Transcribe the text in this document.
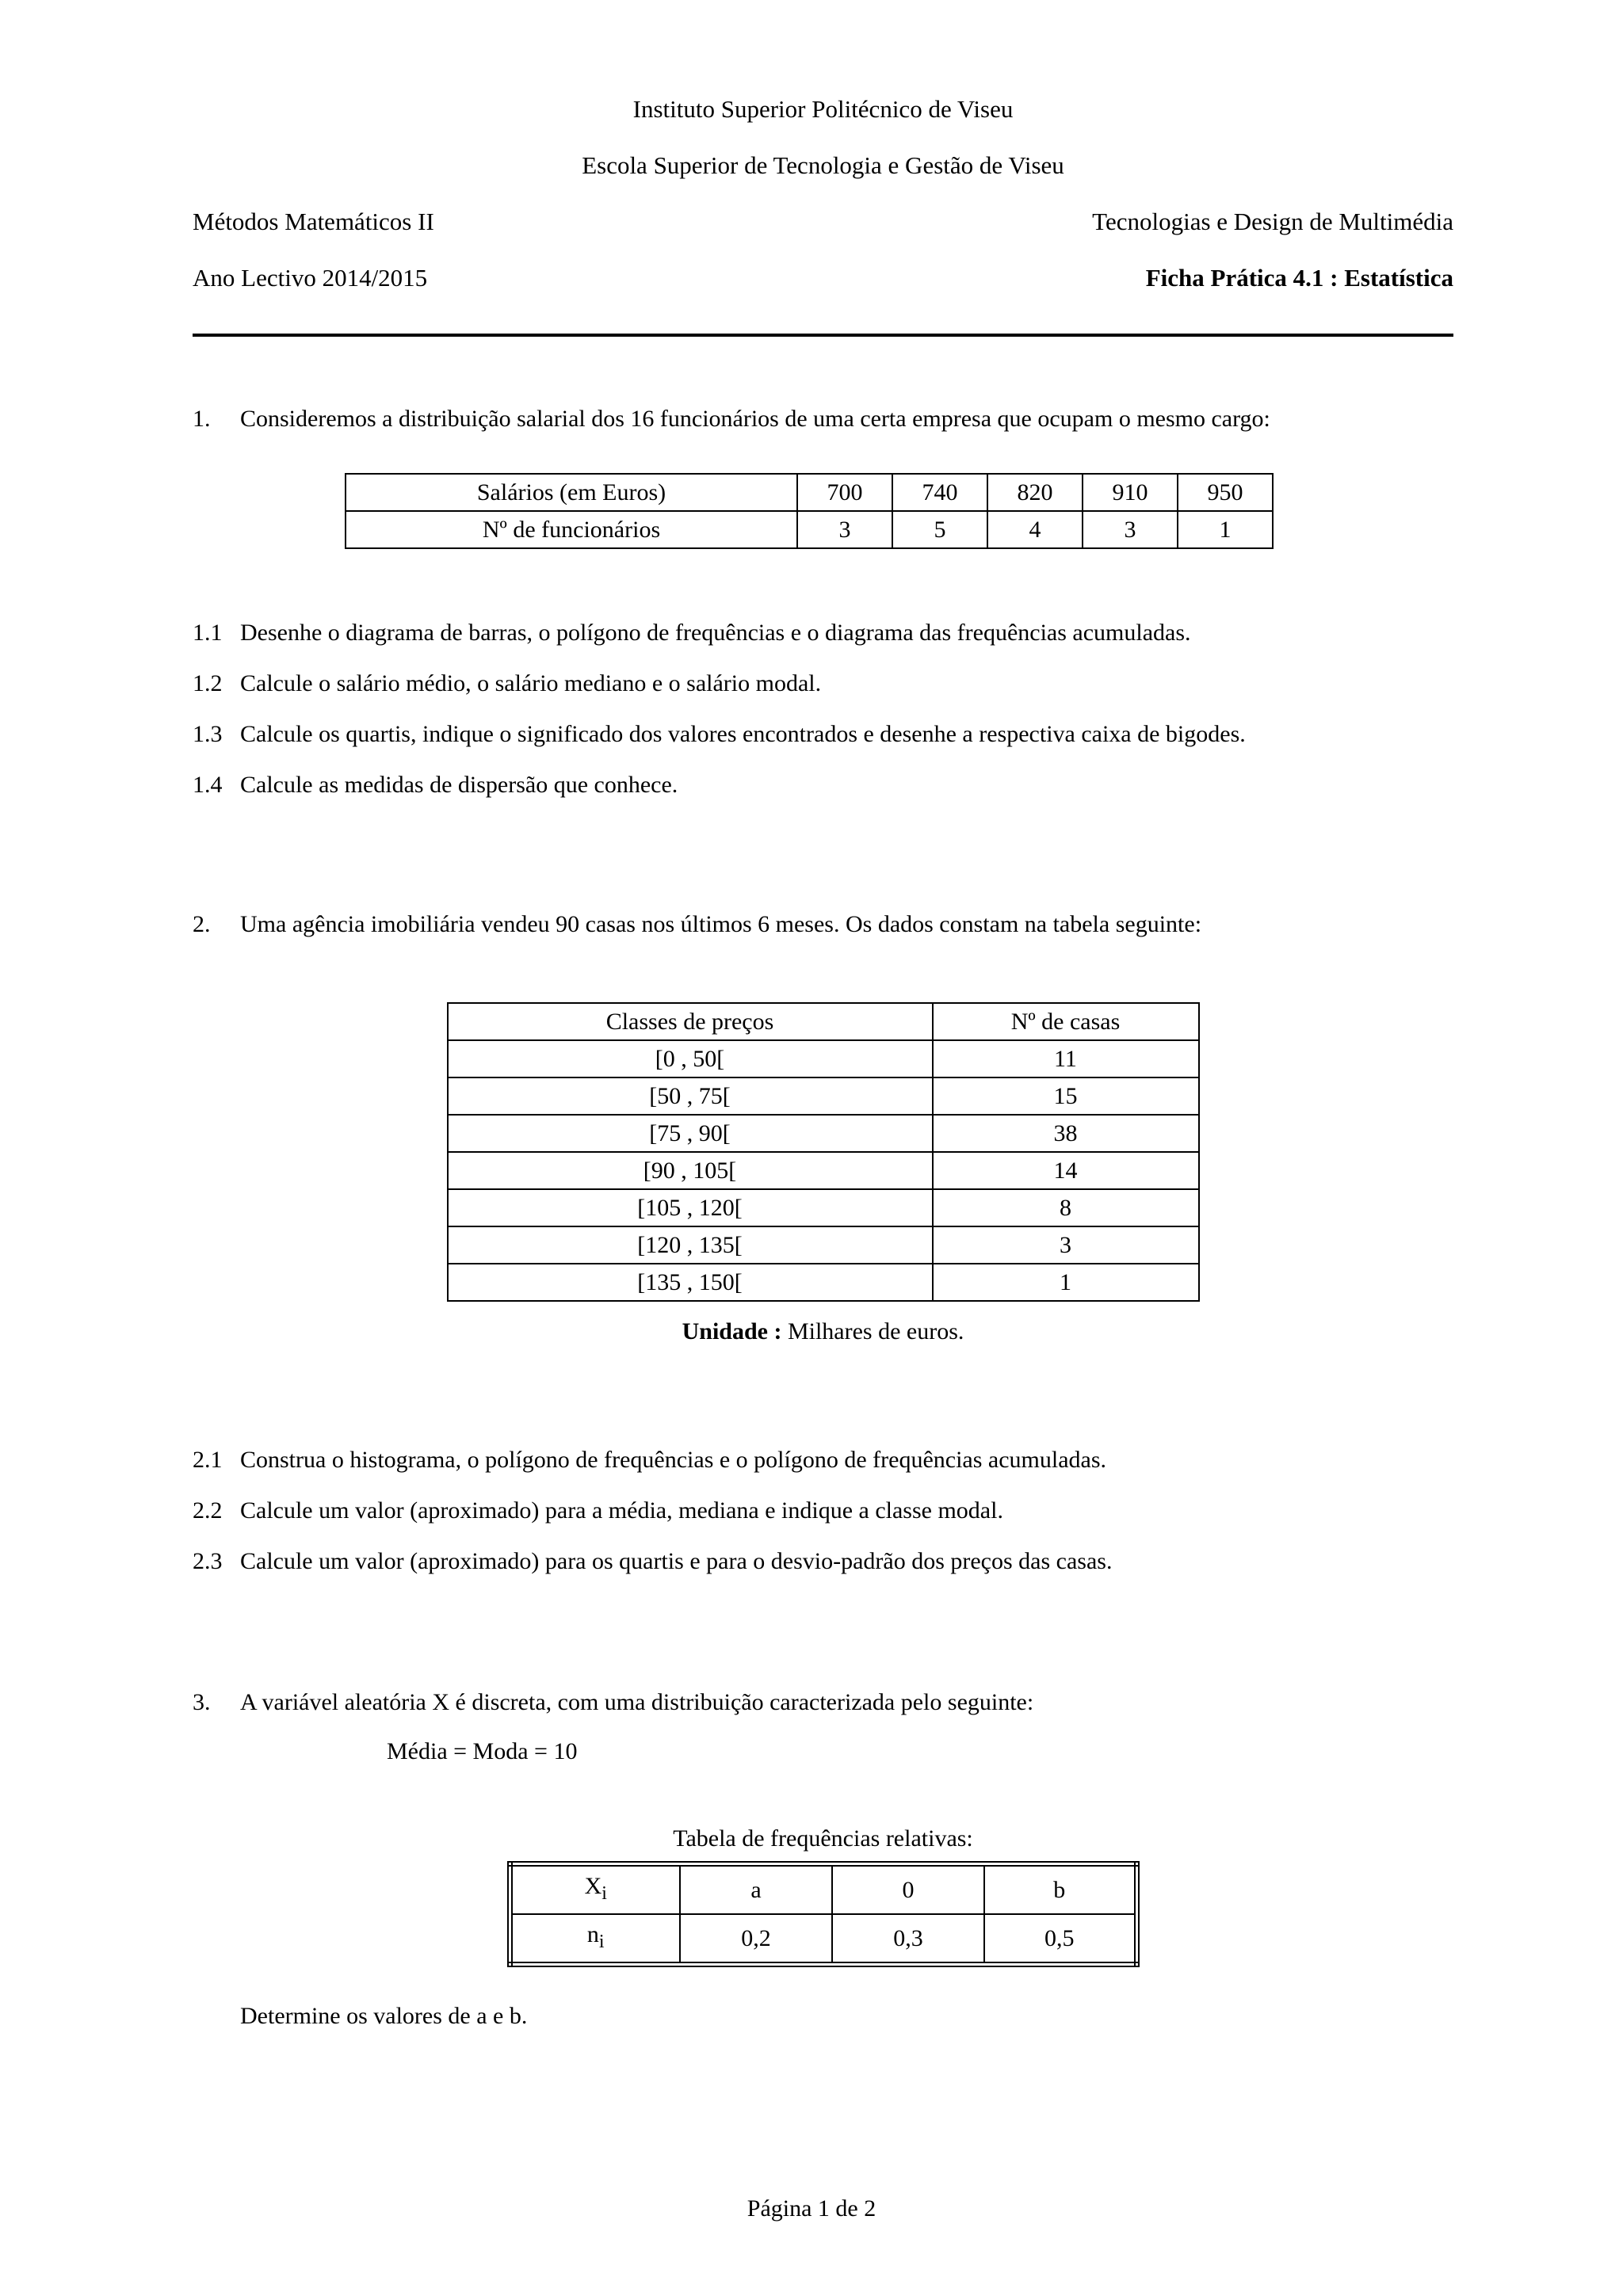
Instituto Superior Politécnico de Viseu
Escola Superior de Tecnologia e Gestão de Viseu
Métodos Matemáticos II	Tecnologias e Design de Multimédia
Ano Lectivo 2014/2015	Ficha Prática 4.1 : Estatística
1.	Consideremos a distribuição salarial dos 16 funcionários de uma certa empresa que ocupam o mesmo cargo:
Salários (em Euros)	700	740	820	910	950
Nº de funcionários	3	5	4	3	1
1.1 Desenhe o diagrama de barras, o polígono de frequências e o diagrama das frequências acumuladas.
1.2 Calcule o salário médio, o salário mediano e o salário modal.
1.3 Calcule os quartis, indique o significado dos valores encontrados e desenhe a respectiva caixa de bigodes.
1.4 Calcule as medidas de dispersão que conhece.
2.	Uma agência imobiliária vendeu 90 casas nos últimos 6 meses. Os dados constam na tabela seguinte:
Classes de preços	Nº de casas
[0 , 50[	11
[50 , 75[	15
[75 , 90[	38
[90 , 105[	14
[105 , 120[	8
[120 , 135[	3
[135 , 150[	1
Unidade : Milhares de euros.
2.1 Construa o histograma, o polígono de frequências e o polígono de frequências acumuladas.
2.2 Calcule um valor (aproximado) para a média, mediana e indique a classe modal.
2.3 Calcule um valor (aproximado) para os quartis e para o desvio-padrão dos preços das casas.
3.	A variável aleatória X é discreta, com uma distribuição caracterizada pelo seguinte:
Média = Moda = 10
Tabela de frequências relativas:
$X_i$	a	0	b
$n_i$	0,2	0,3	0,5
Determine os valores de a e b.
Página 1 de 2
